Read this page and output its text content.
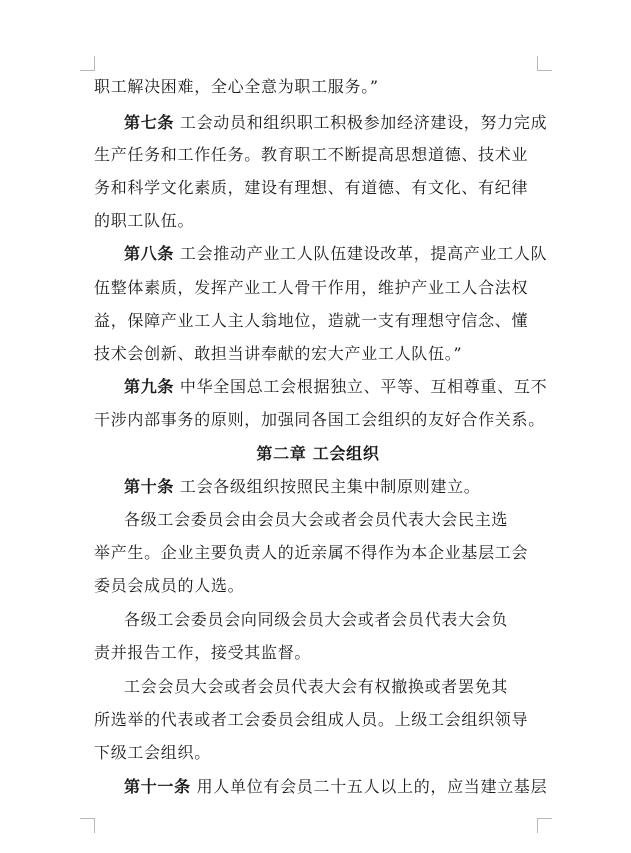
职工解决困难，全心全意为职工服务。”
第七条 工会动员和组织职工积极参加经济建设，努力完成
生产任务和工作任务。教育职工不断提高思想道德、技术业
务和科学文化素质，建设有理想、有道德、有文化、有纪律
的职工队伍。
第八条 工会推动产业工人队伍建设改革，提高产业工人队
伍整体素质，发挥产业工人骨干作用，维护产业工人合法权
益，保障产业工人主人翁地位，造就一支有理想守信念、懂
技术会创新、敢担当讲奉献的宏大产业工人队伍。”
第九条 中华全国总工会根据独立、平等、互相尊重、互不
干涉内部事务的原则，加强同各国工会组织的友好合作关系。
第二章 工会组织
第十条 工会各级组织按照民主集中制原则建立。
各级工会委员会由会员大会或者会员代表大会民主选
举产生。企业主要负责人的近亲属不得作为本企业基层工会
委员会成员的人选。
各级工会委员会向同级会员大会或者会员代表大会负
责并报告工作，接受其监督。
工会会员大会或者会员代表大会有权撤换或者罢免其
所选举的代表或者工会委员会组成人员。上级工会组织领导
下级工会组织。
第十一条 用人单位有会员二十五人以上的，应当建立基层
